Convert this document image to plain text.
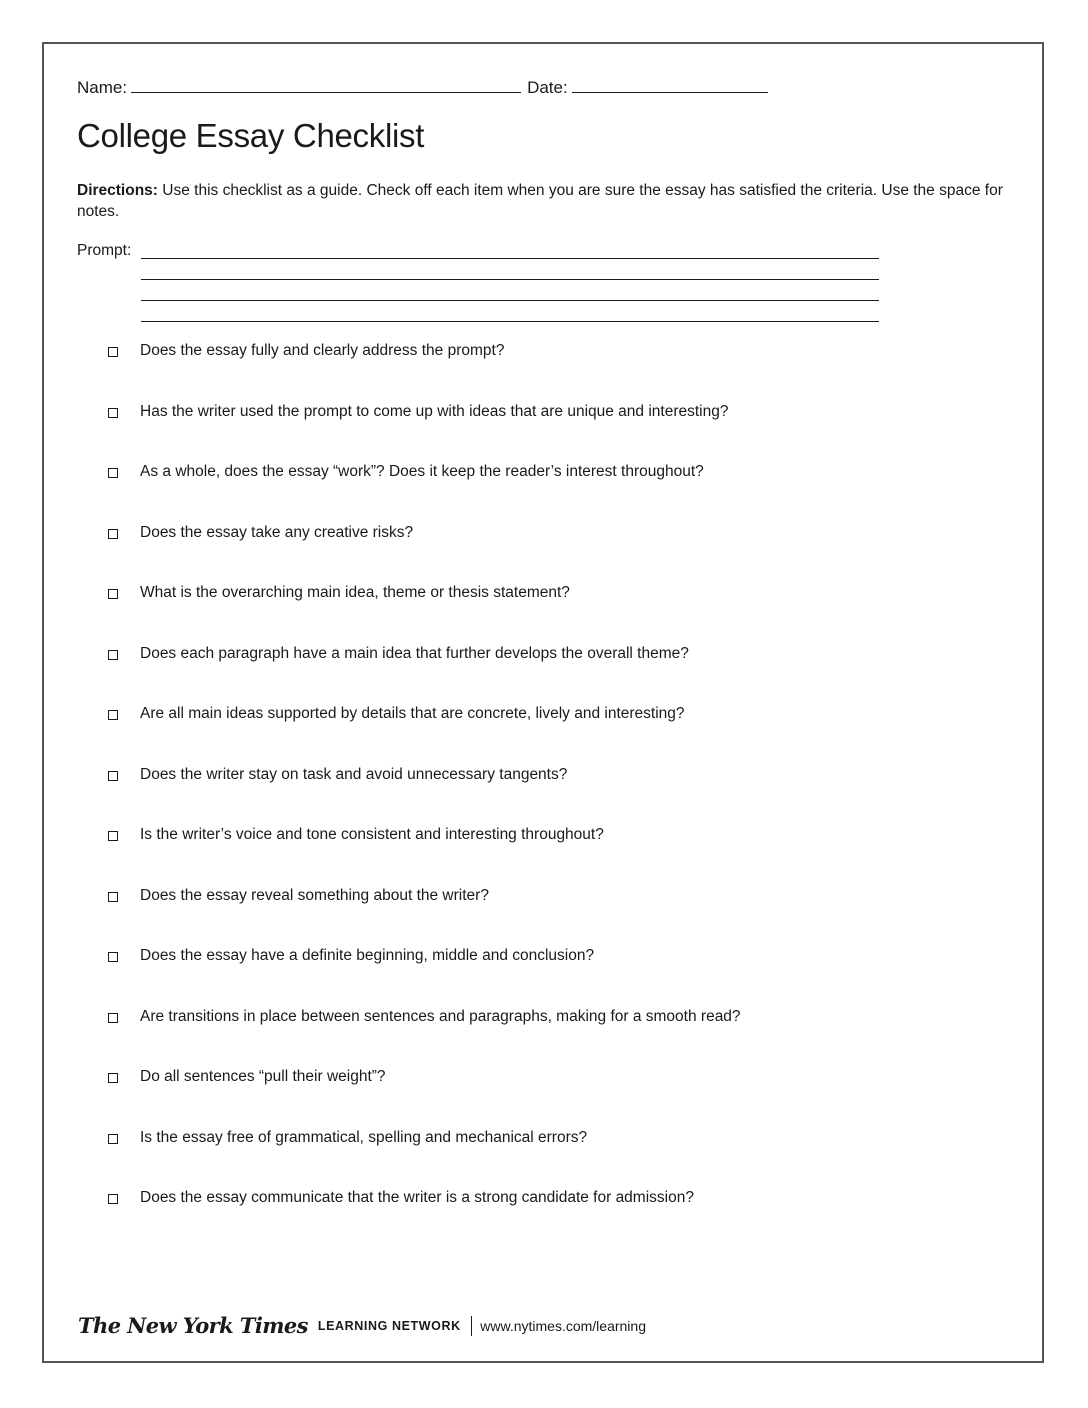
Name:	Date:
College Essay Checklist

Directions: Use this checklist as a guide. Check off each item when you are sure the essay has satisfied the criteria. Use the space for notes.

Prompt:
Does the essay fully and clearly address the prompt?
Has the writer used the prompt to come up with ideas that are unique and interesting?
As a whole, does the essay “work”? Does it keep the reader’s interest throughout?
Does the essay take any creative risks?
What is the overarching main idea, theme or thesis statement?
Does each paragraph have a main idea that further develops the overall theme?
Are all main ideas supported by details that are concrete, lively and interesting?
Does the writer stay on task and avoid unnecessary tangents?
Is the writer’s voice and tone consistent and interesting throughout?
Does the essay reveal something about the writer?
Does the essay have a definite beginning, middle and conclusion?
Are transitions in place between sentences and paragraphs, making for a smooth read?
Do all sentences “pull their weight”?
Is the essay free of grammatical, spelling and mechanical errors?
Does the essay communicate that the writer is a strong candidate for admission?
The New York Times LEARNING NETWORK www.nytimes.com/learning
